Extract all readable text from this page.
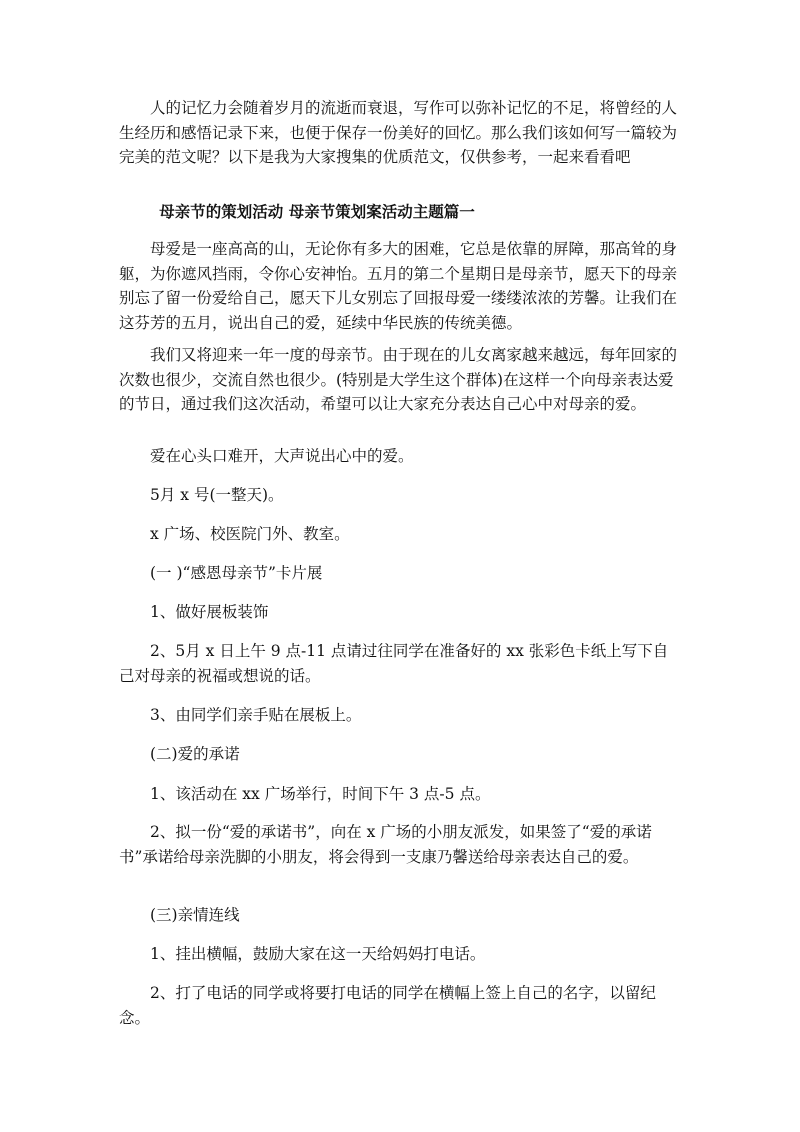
人的记忆力会随着岁月的流逝而衰退，写作可以弥补记忆的不足，将曾经的人生经历和感悟记录下来，也便于保存一份美好的回忆。那么我们该如何写一篇较为完美的范文呢？以下是我为大家搜集的优质范文，仅供参考，一起来看看吧

母亲节的策划活动 母亲节策划案活动主题篇一

母爱是一座高高的山，无论你有多大的困难，它总是依靠的屏障，那高耸的身躯，为你遮风挡雨，令你心安神怡。五月的第二个星期日是母亲节，愿天下的母亲别忘了留一份爱给自己，愿天下儿女别忘了回报母爱一缕缕浓浓的芳馨。让我们在这芬芳的五月，说出自己的爱，延续中华民族的传统美德。

我们又将迎来一年一度的母亲节。由于现在的儿女离家越来越远，每年回家的次数也很少，交流自然也很少。(特别是大学生这个群体)在这样一个向母亲表达爱的节日，通过我们这次活动，希望可以让大家充分表达自己心中对母亲的爱。

爱在心头口难开，大声说出心中的爱。

5月 x 号(一整天)。

x 广场、校医院门外、教室。

(一 )“感恩母亲节”卡片展

1、做好展板装饰

2、5月 x 日上午 9 点-11 点请过往同学在准备好的 xx 张彩色卡纸上写下自己对母亲的祝福或想说的话。

3、由同学们亲手贴在展板上。

(二)爱的承诺

1、该活动在 xx 广场举行，时间下午 3 点-5 点。

2、拟一份“爱的承诺书”，向在 x 广场的小朋友派发，如果签了“爱的承诺书”承诺给母亲洗脚的小朋友，将会得到一支康乃馨送给母亲表达自己的爱。

(三)亲情连线

1、挂出横幅，鼓励大家在这一天给妈妈打电话。

2、打了电话的同学或将要打电话的同学在横幅上签上自己的名字，以留纪念。
